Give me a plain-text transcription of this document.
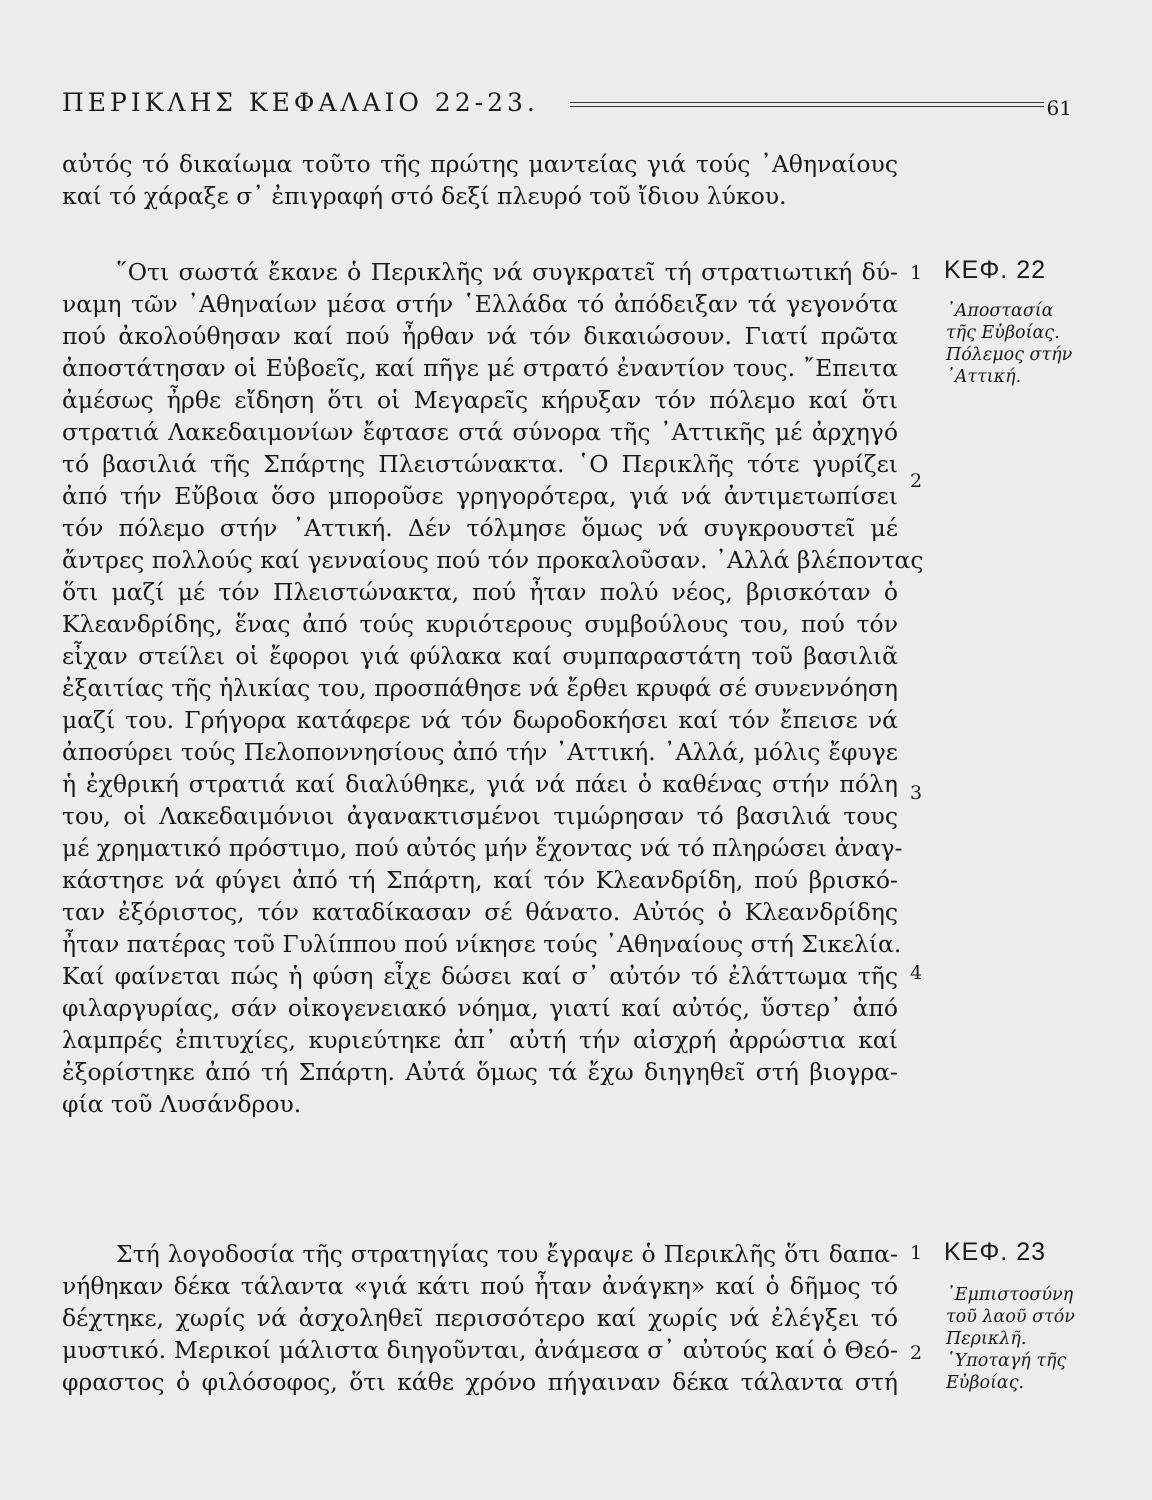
ΠΕΡΙΚΛΗΣ ΚΕΦΑΛΑΙΟ 22-23.	61
αὐτός τό δικαίωμα τοῦτο τῆς πρώτης μαντείας γιά τούς ᾿Αθηναίους
καί τό χάραξε σ᾿ ἐπιγραφή στό δεξί πλευρό τοῦ ἴδιου λύκου.
῞Οτι σωστά ἔκανε ὁ Περικλῆς νά συγκρατεῖ τή στρατιωτική δύ-
ναμη τῶν ᾿Αθηναίων μέσα στήν ῾Ελλάδα τό ἀπόδειξαν τά γεγονότα
πού ἀκολούθησαν καί πού ἦρθαν νά τόν δικαιώσουν. Γιατί πρῶτα
ἀποστάτησαν οἱ Εὐβοεῖς, καί πῆγε μέ στρατό ἐναντίον τους. ῎Επειτα
ἀμέσως ἦρθε εἴδηση ὅτι οἱ Μεγαρεῖς κήρυξαν τόν πόλεμο καί ὅτι
στρατιά Λακεδαιμονίων ἔφτασε στά σύνορα τῆς ᾿Αττικῆς μέ ἀρχηγό
τό βασιλιά τῆς Σπάρτης Πλειστώνακτα. ῾Ο Περικλῆς τότε γυρίζει
ἀπό τήν Εὔβοια ὅσο μποροῦσε γρηγορότερα, γιά νά ἀντιμετωπίσει
τόν πόλεμο στήν ᾿Αττική. Δέν τόλμησε ὅμως νά συγκρουστεῖ μέ
ἄντρες πολλούς καί γενναίους πού τόν προκαλοῦσαν. ᾿Αλλά βλέποντας
ὅτι μαζί μέ τόν Πλειστώνακτα, πού ἦταν πολύ νέος, βρισκόταν ὁ
Κλεανδρίδης, ἕνας ἀπό τούς κυριότερους συμβούλους του, πού τόν
εἶχαν στείλει οἱ ἔφοροι γιά φύλακα καί συμπαραστάτη τοῦ βασιλιᾶ
ἐξαιτίας τῆς ἡλικίας του, προσπάθησε νά ἔρθει κρυφά σέ συνεννόηση
μαζί του. Γρήγορα κατάφερε νά τόν δωροδοκήσει καί τόν ἔπεισε νά
ἀποσύρει τούς Πελοποννησίους ἀπό τήν ᾿Αττική. ᾿Αλλά, μόλις ἔφυγε
ἡ ἐχθρική στρατιά καί διαλύθηκε, γιά νά πάει ὁ καθένας στήν πόλη
του, οἱ Λακεδαιμόνιοι ἀγανακτισμένοι τιμώρησαν τό βασιλιά τους
μέ χρηματικό πρόστιμο, πού αὐτός μήν ἔχοντας νά τό πληρώσει ἀναγ-
κάστησε νά φύγει ἀπό τή Σπάρτη, καί τόν Κλεανδρίδη, πού βρισκό-
ταν ἐξόριστος, τόν καταδίκασαν σέ θάνατο. Αὐτός ὁ Κλεανδρίδης
ἦταν πατέρας τοῦ Γυλίππου πού νίκησε τούς ᾿Αθηναίους στή Σικελία.
Καί φαίνεται πώς ἡ φύση εἶχε δώσει καί σ᾿ αὐτόν τό ἐλάττωμα τῆς
φιλαργυρίας, σάν οἰκογενειακό νόημα, γιατί καί αὐτός, ὕστερ᾿ ἀπό
λαμπρές ἐπιτυχίες, κυριεύτηκε ἀπ᾿ αὐτή τήν αἰσχρή ἀρρώστια καί
ἐξορίστηκε ἀπό τή Σπάρτη. Αὐτά ὅμως τά ἔχω διηγηθεῖ στή βιογρα-
φία τοῦ Λυσάνδρου.
Στή λογοδοσία τῆς στρατηγίας του ἔγραψε ὁ Περικλῆς ὅτι δαπα-
νήθηκαν δέκα τάλαντα «γιά κάτι πού ἦταν ἀνάγκη» καί ὁ δῆμος τό
δέχτηκε, χωρίς νά ἀσχοληθεῖ περισσότερο καί χωρίς νά ἐλέγξει τό
μυστικό. Μερικοί μάλιστα διηγοῦνται, ἀνάμεσα σ᾿ αὐτούς καί ὁ Θεό-
φραστος ὁ φιλόσοφος, ὅτι κάθε χρόνο πήγαιναν δέκα τάλαντα στή
1
2
3
4
1
2
ΚΕΦ. 22
᾿Αποστασία
τῆς Εὐβοίας.
Πόλεμος στήν
᾿Αττική.
ΚΕΦ. 23
᾿Εμπιστοσύνη
τοῦ λαοῦ στόν
Περικλῆ.
῾Υποταγή τῆς
Εὐβοίας.
